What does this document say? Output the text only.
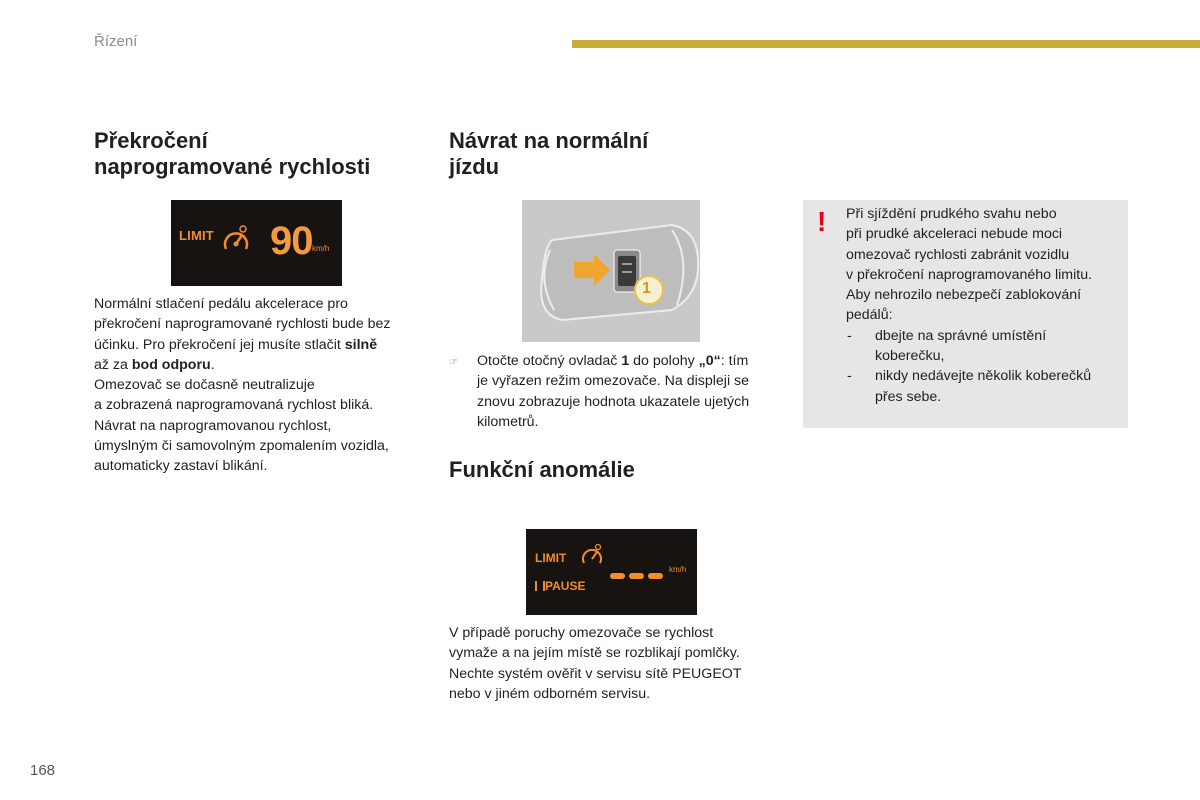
Řízení
Překročení
naprogramované rychlosti
LIMIT 90 km/h

Normální stlačení pedálu akcelerace pro

překročení naprogramované rychlosti bude bez

účinku. Pro překročení jej musíte stlačit silně

až za bod odporu.

Omezovač se dočasně neutralizuje

a zobrazená naprogramovaná rychlost bliká.

Návrat na naprogramovanou rychlost,

úmyslným či samovolným zpomalením vozidla,

automaticky zastaví blikání.

Návrat na normální
jízdu
1
☞ Otočte otočný ovladač 1 do polohy „0“: tím

je vyřazen režim omezovače. Na displeji se

znovu zobrazuje hodnota ukazatele ujetých

kilometrů.

Funkční anomálie
LIMIT
PAUSE
km/h

V případě poruchy omezovače se rychlost

vymaže a na jejím místě se rozblikají pomlčky.

Nechte systém ověřit v servisu sítě PEUGEOT

nebo v jiném odborném servisu.

! Při sjíždění prudkého svahu nebo

při prudké akceleraci nebude moci

omezovač rychlosti zabránit vozidlu

v překročení naprogramovaného limitu.

Aby nehrozilo nebezpečí zablokování

pedálů:

- dbejte na správné umístění
koberečku,
- nikdy nedávejte několik koberečků
přes sebe.
168
